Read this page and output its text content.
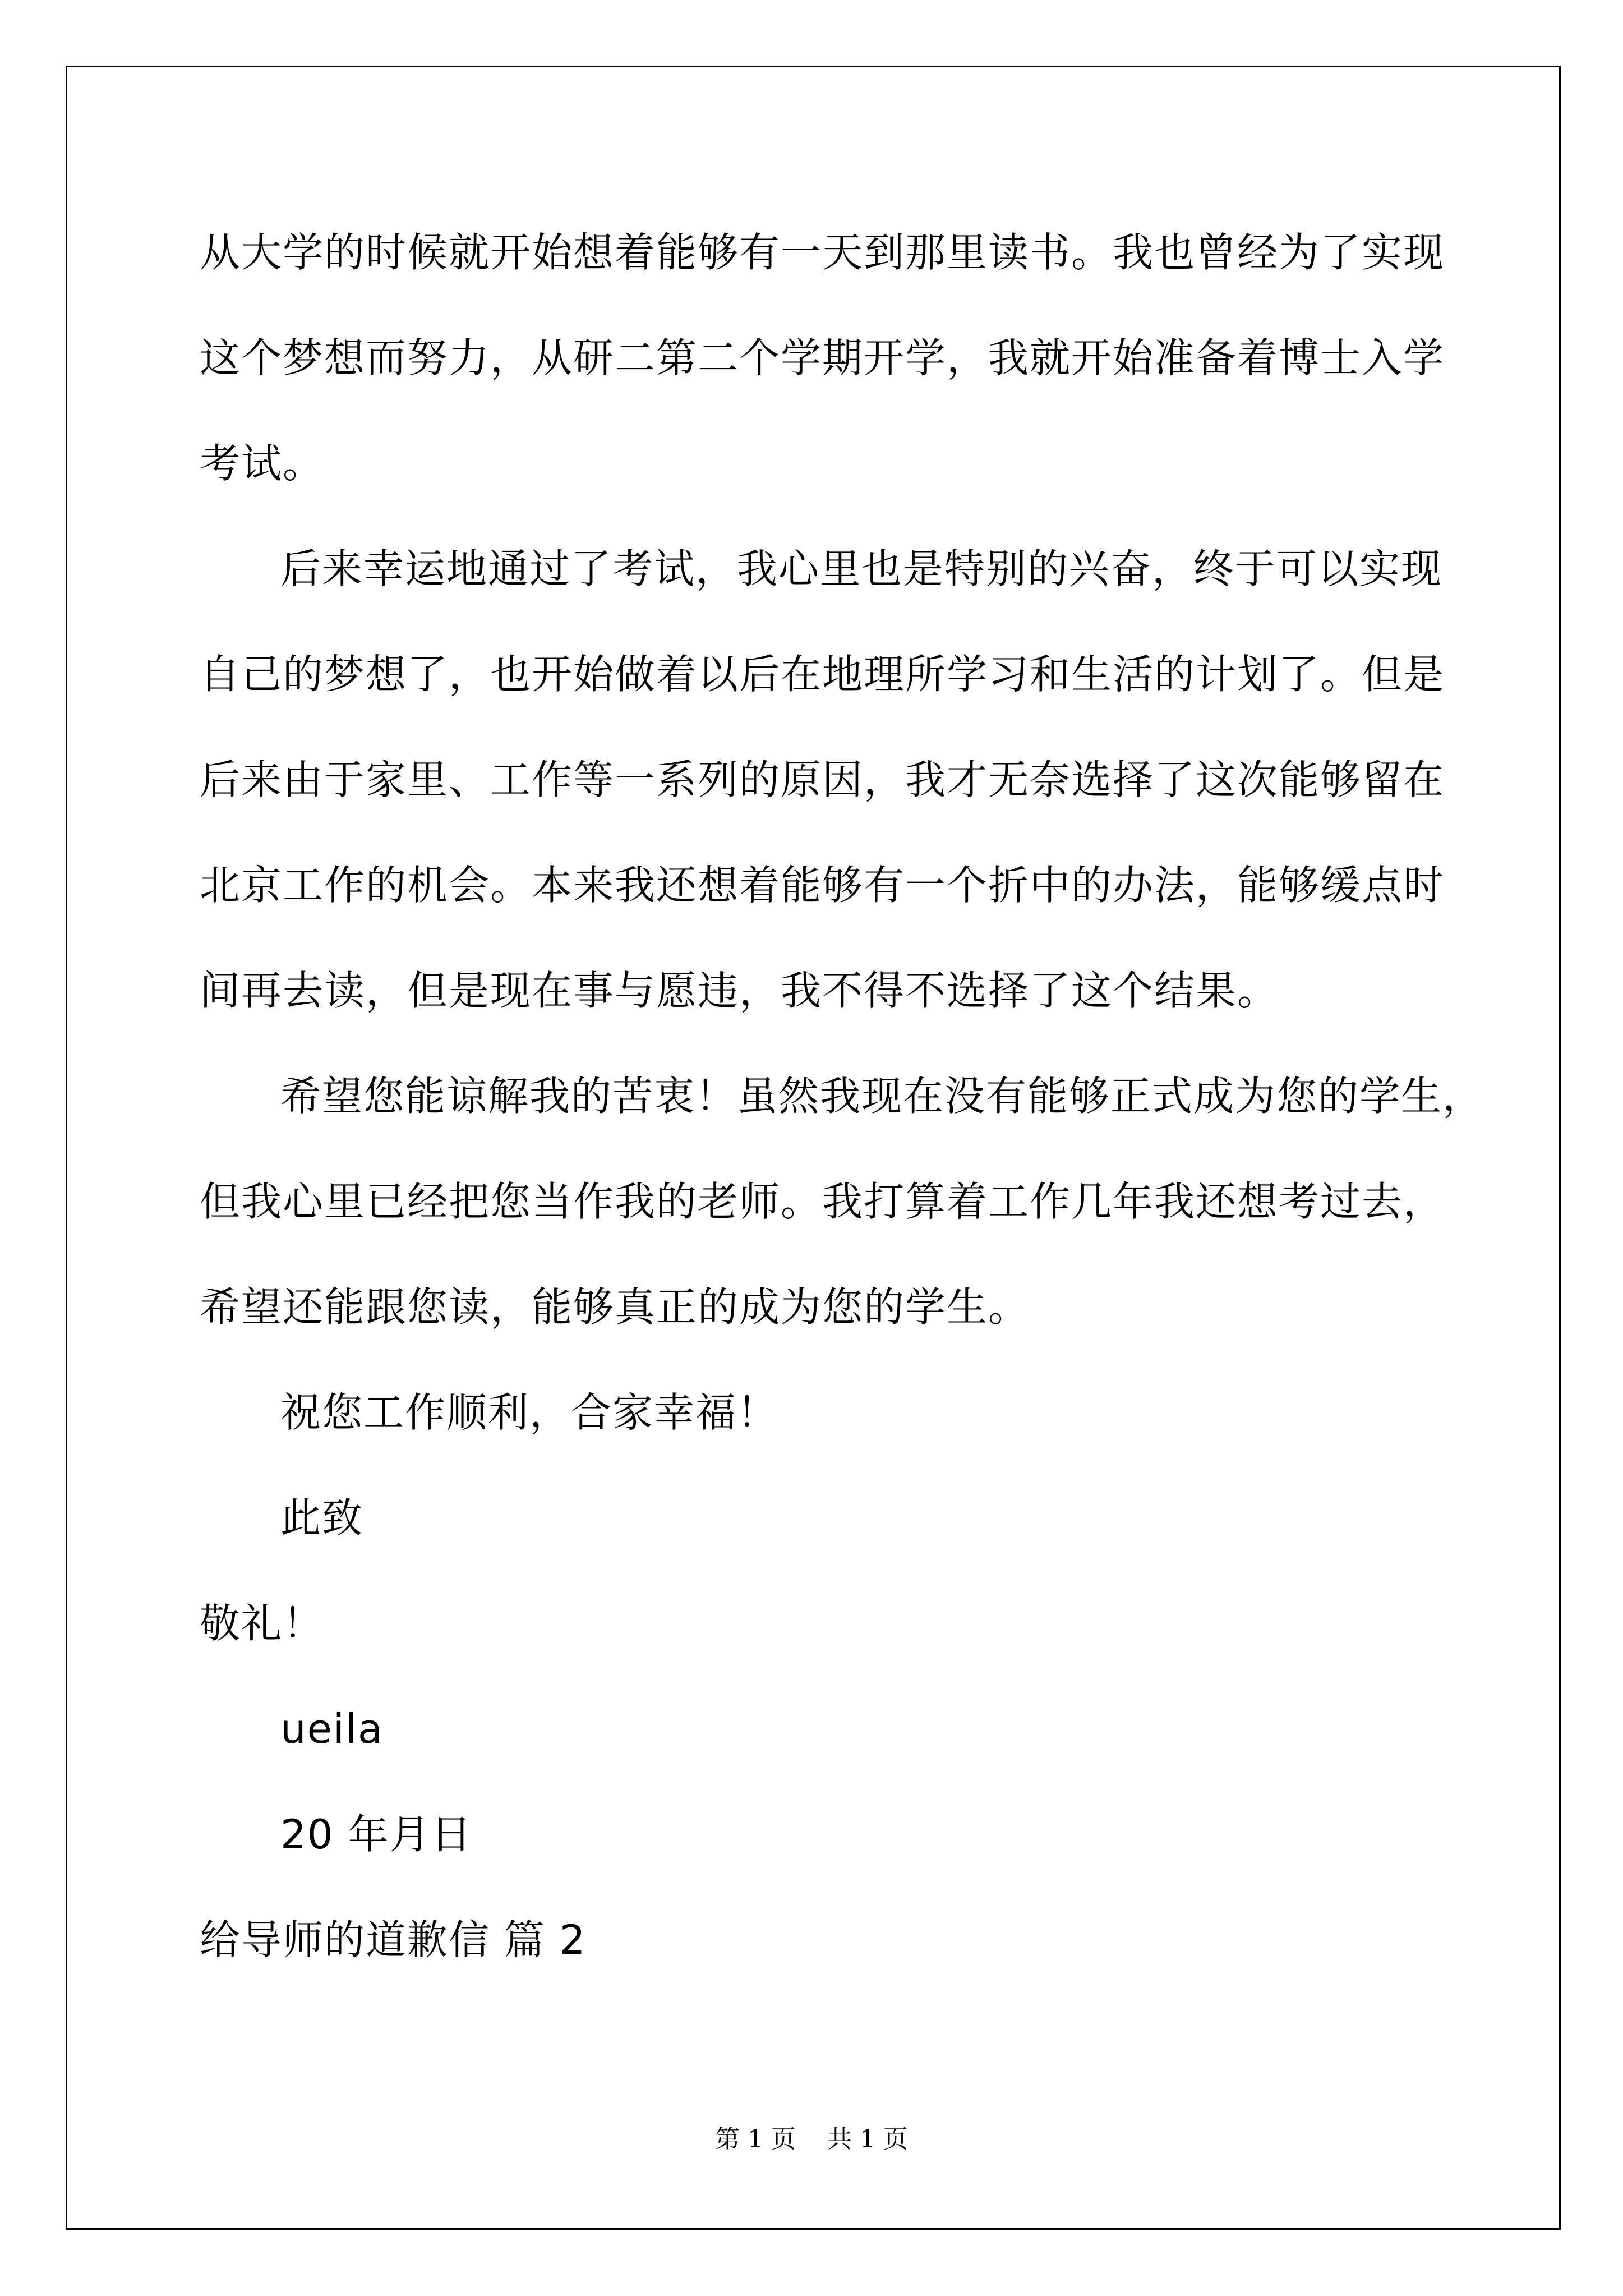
从大学的时候就开始想着能够有一天到那里读书。我也曾经为了实现
这个梦想而努力，从研二第二个学期开学，我就开始准备着博士入学
考试。
后来幸运地通过了考试，我心里也是特别的兴奋，终于可以实现
自己的梦想了，也开始做着以后在地理所学习和生活的计划了。但是
后来由于家里、工作等一系列的原因，我才无奈选择了这次能够留在
北京工作的机会。本来我还想着能够有一个折中的办法，能够缓点时
间再去读，但是现在事与愿违，我不得不选择了这个结果。
希望您能谅解我的苦衷！虽然我现在没有能够正式成为您的学生，
但我心里已经把您当作我的老师。我打算着工作几年我还想考过去，
希望还能跟您读，能够真正的成为您的学生。
祝您工作顺利，合家幸福！
此致
敬礼！
ueila
20 年月日
给导师的道歉信 篇 2
第 1 页    共 1 页
